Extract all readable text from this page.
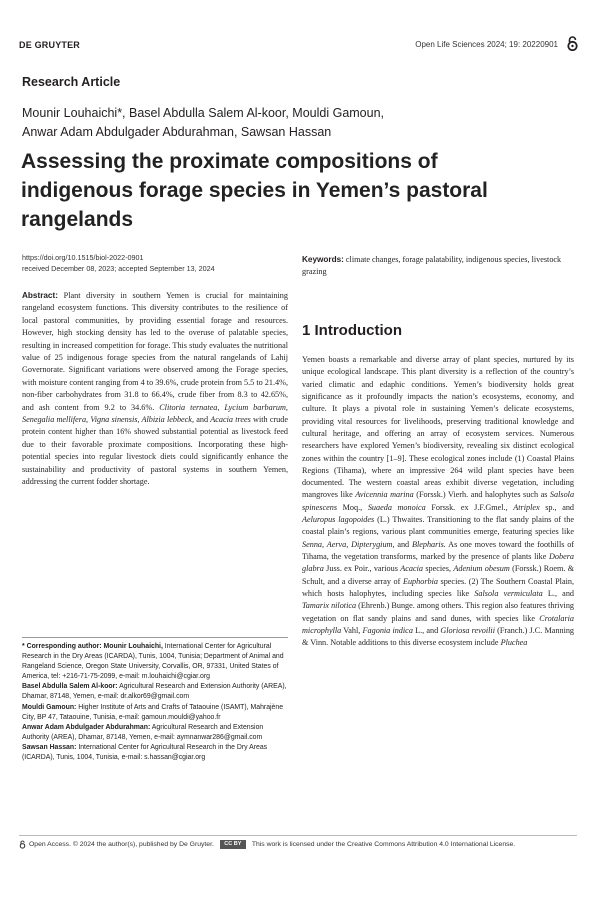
DE GRUYTER	Open Life Sciences 2024; 19: 20220901
Research Article
Mounir Louhaichi*, Basel Abdulla Salem Al-koor, Mouldi Gamoun,
Anwar Adam Abdulgader Abdurahman, Sawsan Hassan
Assessing the proximate compositions of indigenous forage species in Yemen’s pastoral rangelands
https://doi.org/10.1515/biol-2022-0901
received December 08, 2023; accepted September 13, 2024
Abstract: Plant diversity in southern Yemen is crucial for maintaining rangeland ecosystem functions. This diversity contributes to the resilience of local pastoral communities, by providing essential forage and resources. However, high stocking density has led to the overuse of palatable species, resulting in increased competition for forage. This study evaluates the nutritional value of 25 indigenous forage species from the natural rangelands of Lahij Governorate. Significant variations were observed among the Forage species, with moisture content ranging from 4 to 39.6%, crude protein from 5.5 to 21.4%, non-fiber carbohydrates from 31.8 to 66.4%, crude fiber from 8.3 to 42.65%, and ash content from 9.2 to 34.6%. Clitoria ternatea, Lycium barbarum, Senegalia mellifera, Vigna sinensis, Albizia lebbeck, and Acacia trees with crude protein content higher than 16% showed substantial potential as livestock feed due to their favorable proximate compositions. Incorporating these high-potential species into regular livestock diets could significantly enhance the sustainability and productivity of pastoral systems in southern Yemen, addressing the current fodder shortage.
Keywords: climate changes, forage palatability, indigenous species, livestock grazing
1 Introduction
Yemen boasts a remarkable and diverse array of plant species, nurtured by its unique ecological landscape. This plant diversity is a reflection of the country’s varied climatic and edaphic conditions. Yemen’s biodiversity holds great significance as it profoundly impacts the nation’s ecosystems, economy, and culture. It plays a pivotal role in sustaining Yemen’s delicate ecosystems, providing vital resources for livelihoods, preserving traditional knowledge and cultural heritage, and offering an array of ecosystem services. Numerous researchers have explored Yemen’s biodiversity, revealing six distinct ecological zones within the country [1–9]. These ecological zones include (1) Coastal Plains Regions (Tihama), where an impressive 264 wild plant species have been documented. The western coastal areas exhibit diverse vegetation, including mangroves like Avicennia marina (Forssk.) Vierh. and halophytes such as Salsola spinescens Moq., Suaeda monoica Forssk. ex J.F.Gmel., Atriplex sp., and Aeluropus lagopoides (L.) Thwaites. Transitioning to the flat sandy plains of the coastal plain’s regions, various plant communities emerge, featuring species like Senna, Aerva, Dipterygium, and Blepharis. As one moves toward the foothills of Tihama, the vegetation transforms, marked by the presence of plants like Dobera glabra Juss. ex Poir., various Acacia species, Adenium obesum (Forssk.) Roem. & Schult, and a diverse array of Euphorbia species. (2) The Southern Coastal Plain, which hosts halophytes, including species like Salsola vermiculata L., and Tamarix nilotica (Ehrenb.) Bunge. among others. This region also features thriving vegetation on flat sandy plains and sand dunes, with species like Crotalaria microphylla Vahl, Fagonia indica L., and Gloriosa revoilii (Franch.) J.C. Manning & Vinn. Notable additions to this diverse ecosystem include Pluchea

* Corresponding author: Mounir Louhaichi, International Center for Agricultural Research in the Dry Areas (ICARDA), Tunis, 1004, Tunisia; Department of Animal and Rangeland Science, Oregon State University, Corvallis, OR, 97331, United States of America, tel: +216-71-75-2099, e-mail: m.louhaichi@cgiar.org

Basel Abdulla Salem Al-koor: Agricultural Research and Extension Authority (AREA), Dhamar, 87148, Yemen, e-mail: dr.alkor69@gmail.com

Mouldi Gamoun: Higher Institute of Arts and Crafts of Tataouine (ISAMT), Mahrajène City, BP 47, Tataouine, Tunisia, e-mail: gamoun.mouldi@yahoo.fr

Anwar Adam Abdulgader Abdurahman: Agricultural Research and Extension Authority (AREA), Dhamar, 87148, Yemen, e-mail: aymnanwar286@gmail.com

Sawsan Hassan: International Center for Agricultural Research in the Dry Areas (ICARDA), Tunis, 1004, Tunisia, e-mail: s.hassan@cgiar.org

Open Access. © 2024 the author(s), published by De Gruyter.	CC BY	This work is licensed under the Creative Commons Attribution 4.0 International License.
